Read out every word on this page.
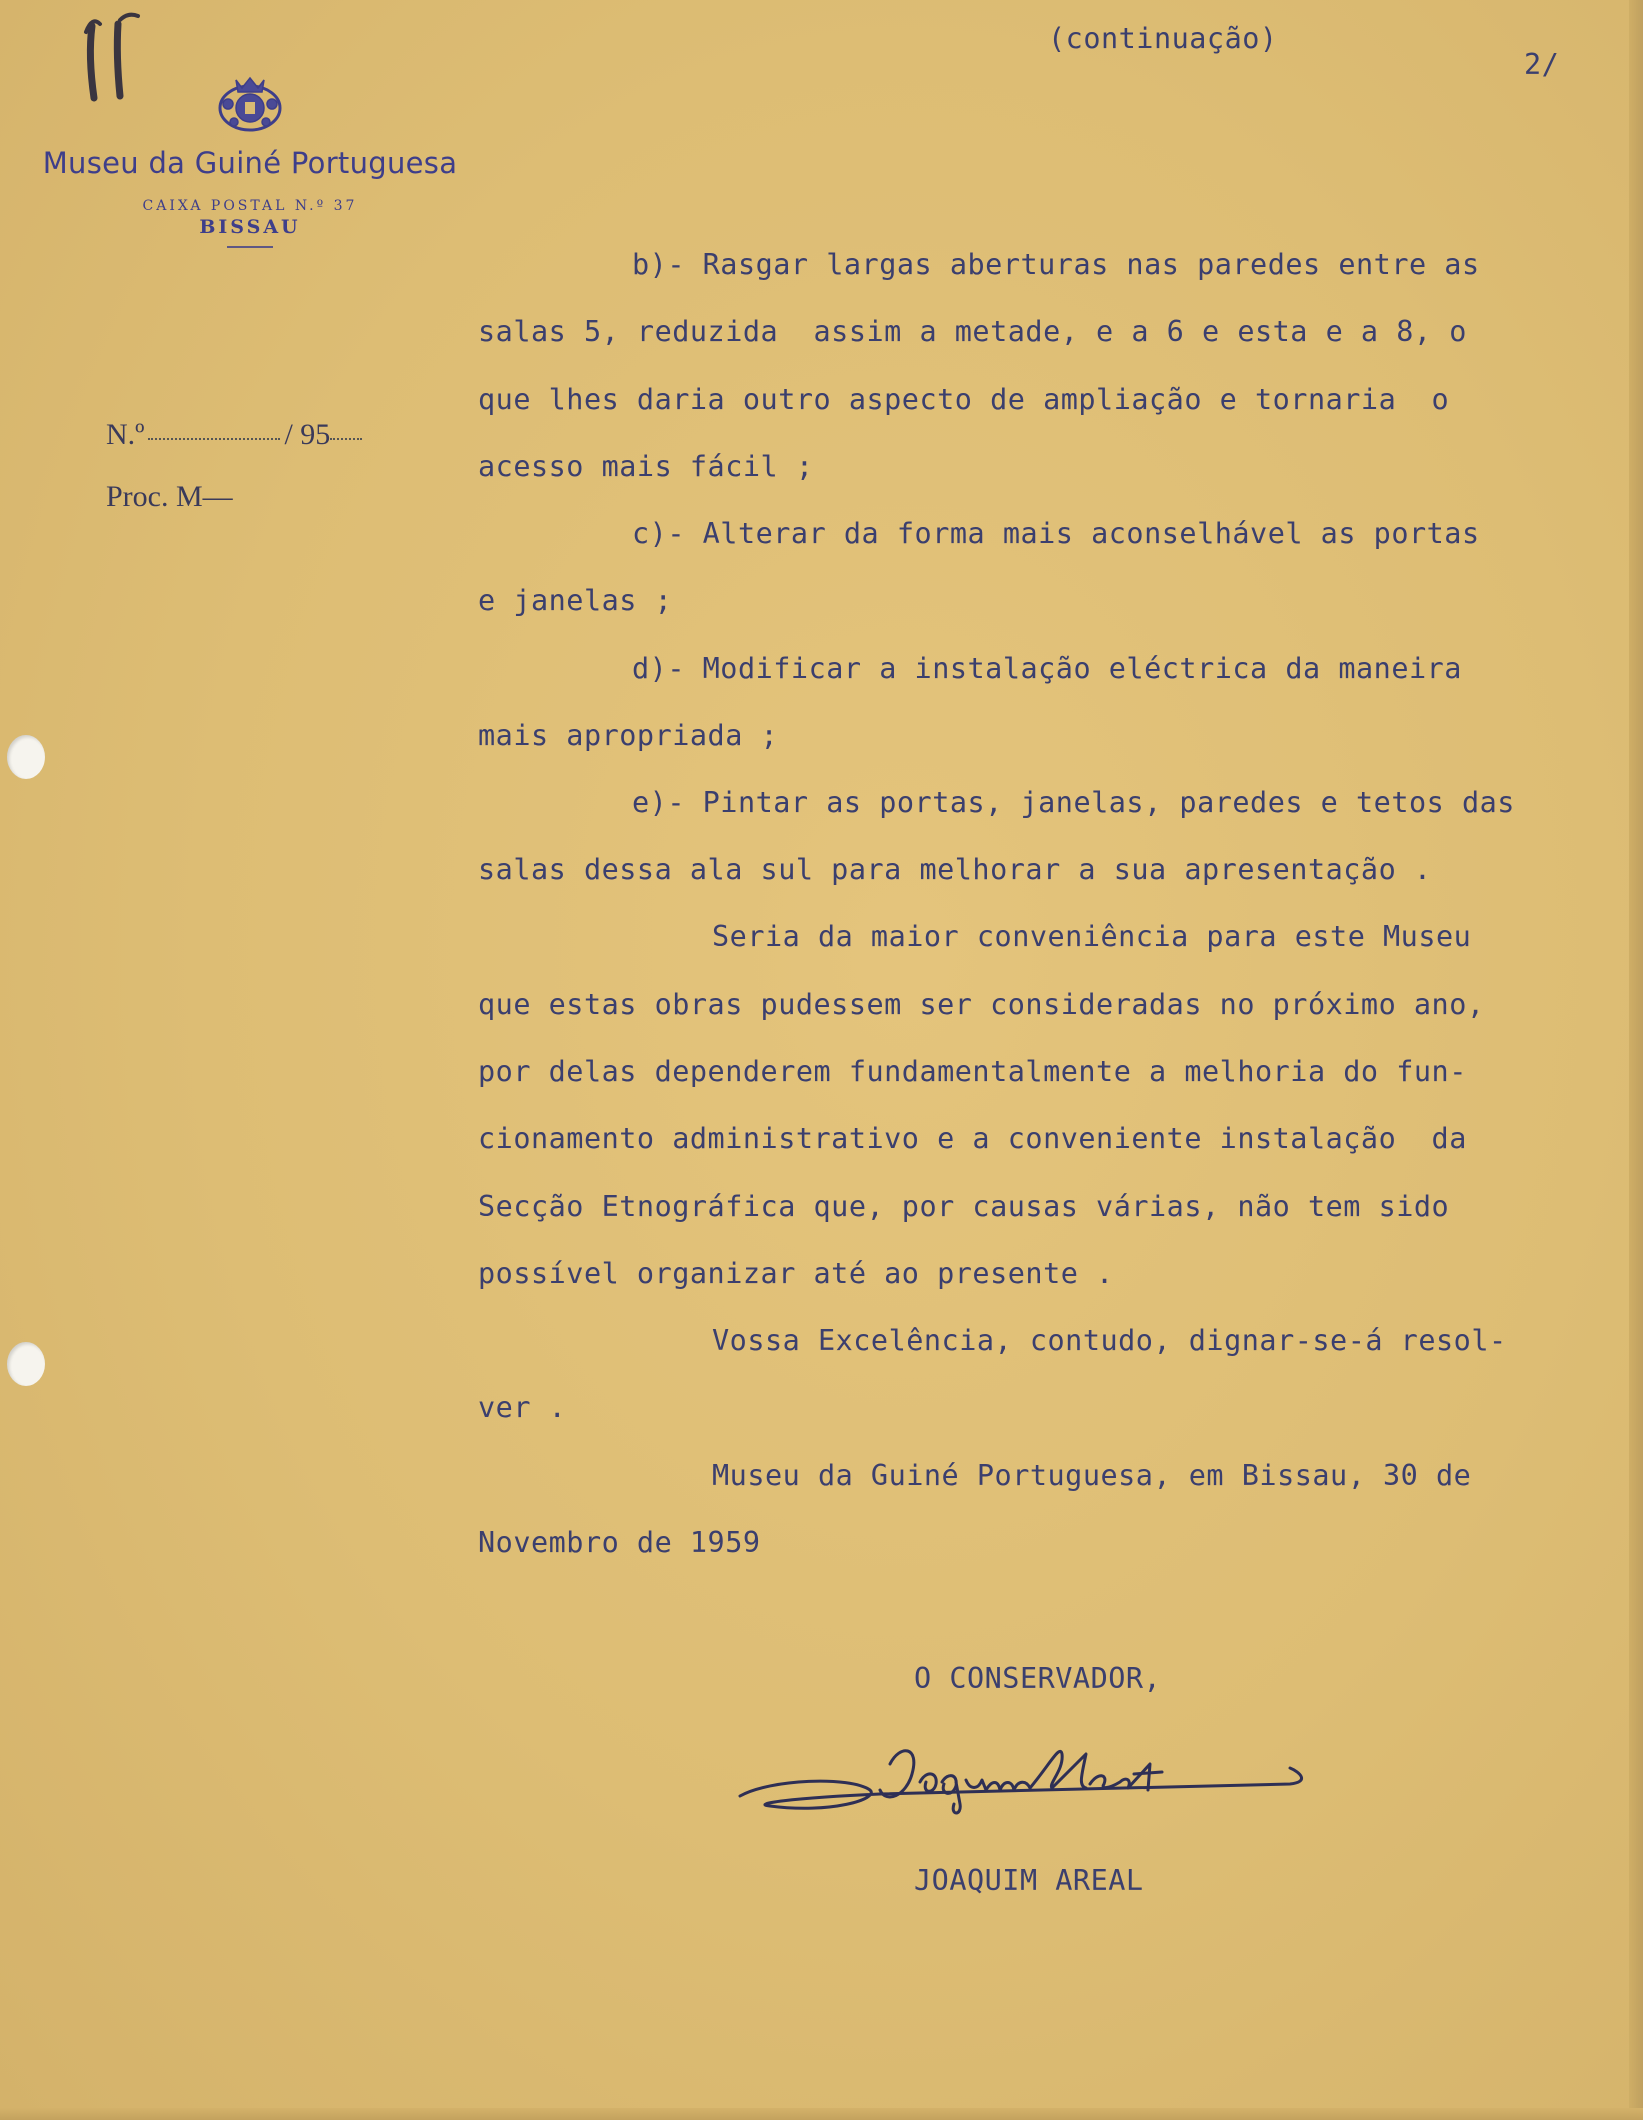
Museu da Guiné Portuguesa
CAIXA POSTAL N.º 37
BISSAU
N.º	/ 95
Proc. M—
(continuação)
2/
b)- Rasgar largas aberturas nas paredes entre as
salas 5, reduzida  assim a metade, e a 6 e esta e a 8, o
que lhes daria outro aspecto de ampliação e tornaria  o
acesso mais fácil ;
c)- Alterar da forma mais aconselhável as portas
e janelas ;
d)- Modificar a instalação eléctrica da maneira
mais apropriada ;
e)- Pintar as portas, janelas, paredes e tetos das
salas dessa ala sul para melhorar a sua apresentação .
Seria da maior conveniência para este Museu
que estas obras pudessem ser consideradas no próximo ano,
por delas dependerem fundamentalmente a melhoria do fun-
cionamento administrativo e a conveniente instalação  da
Secção Etnográfica que, por causas várias, não tem sido
possível organizar até ao presente .
Vossa Excelência, contudo, dignar-se-á resol-
ver .
Museu da Guiné Portuguesa, em Bissau, 30 de
Novembro de 1959
O CONSERVADOR,
JOAQUIM AREAL
